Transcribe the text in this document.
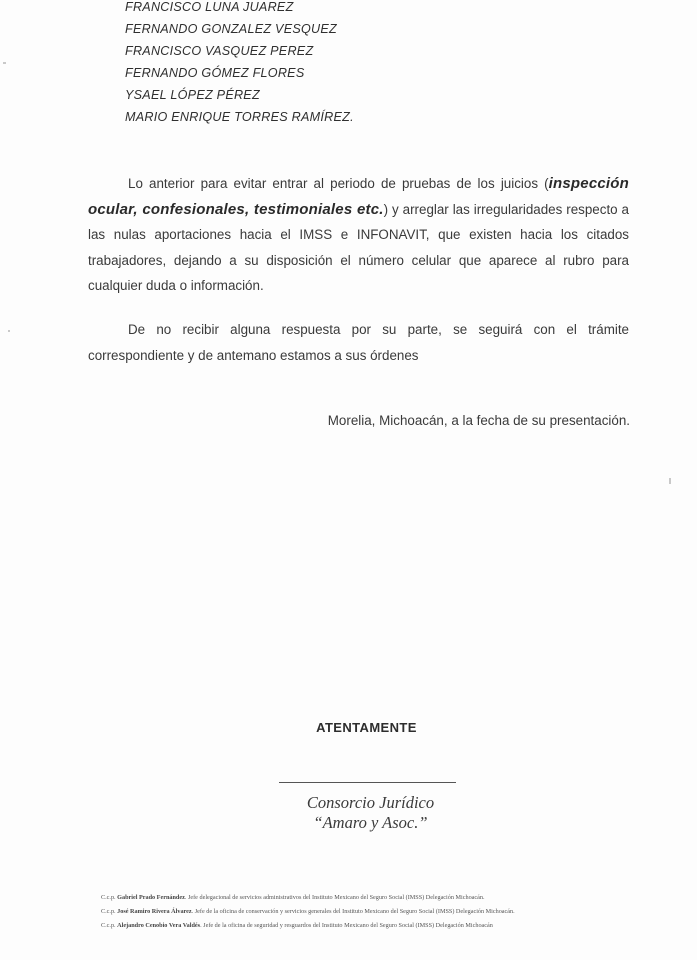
FRANCISCO LUNA JUAREZ
FERNANDO GONZALEZ VESQUEZ
FRANCISCO VASQUEZ PEREZ
FERNANDO GÓMEZ FLORES
YSAEL LÓPEZ PÉREZ
MARIO ENRIQUE TORRES RAMÍREZ.

Lo anterior para evitar entrar al periodo de pruebas de los juicios (inspección ocular, confesionales, testimoniales etc.) y arreglar las irregularidades respecto a las nulas aportaciones hacia el IMSS e INFONAVIT, que existen hacia los citados trabajadores, dejando a su disposición el número celular que aparece al rubro para cualquier duda o información.

De no recibir alguna respuesta por su parte, se seguirá con el trámite correspondiente y de antemano estamos a sus órdenes

Morelia, Michoacán, a la fecha de su presentación.

ATENTAMENTE
Consorcio Jurídico
“Amaro y Asoc.”
C.c.p. Gabriel Prado Fernández. Jefe delegacional de servicios administrativos del Instituto Mexicano del Seguro Social (IMSS) Delegación Michoacán.
C.c.p. José Ramiro Rivera Álvarez. Jefe de la oficina de conservación y servicios generales del Instituto Mexicano del Seguro Social (IMSS) Delegación Michoacán.
C.c.p. Alejandro Cenobio Vera Valdés. Jefe de la oficina de seguridad y resguardos del Instituto Mexicano del Seguro Social (IMSS) Delegación Michoacán
